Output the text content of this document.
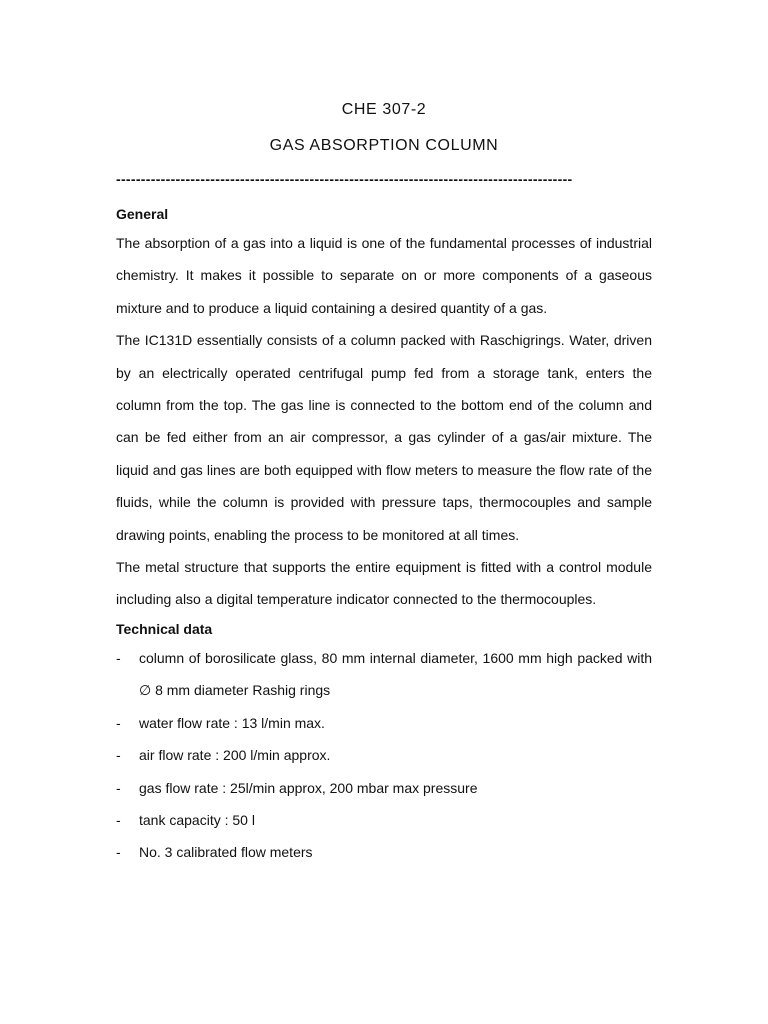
CHE 307-2
GAS ABSORPTION COLUMN
--------------------------------------------------------------------------------------------

General

The absorption of a gas into a liquid is one of the fundamental processes of industrial chemistry. It makes it possible to separate on or more components of a gaseous mixture and to produce a liquid containing a desired quantity of a gas.

The IC131D essentially consists of a column packed with Raschigrings. Water, driven by an electrically operated centrifugal pump fed from a storage tank, enters the column from the top. The gas line is connected to the bottom end of the column and can be fed either from an air compressor, a gas cylinder of a gas/air mixture. The liquid and gas lines are both equipped with flow meters to measure the flow rate of the fluids, while the column is provided with pressure taps, thermocouples and sample drawing points, enabling the process to be monitored at all times.

The metal structure that supports the entire equipment is fitted with a control module including also a digital temperature indicator connected to the thermocouples.

Technical data

- column of borosilicate glass, 80 mm internal diameter, 1600 mm high packed with ∅ 8 mm diameter Rashig rings
- water flow rate : 13 l/min max.
- air flow rate : 200 l/min approx.
- gas flow rate : 25l/min approx, 200 mbar max pressure
- tank capacity : 50 l
- No. 3 calibrated flow meters
